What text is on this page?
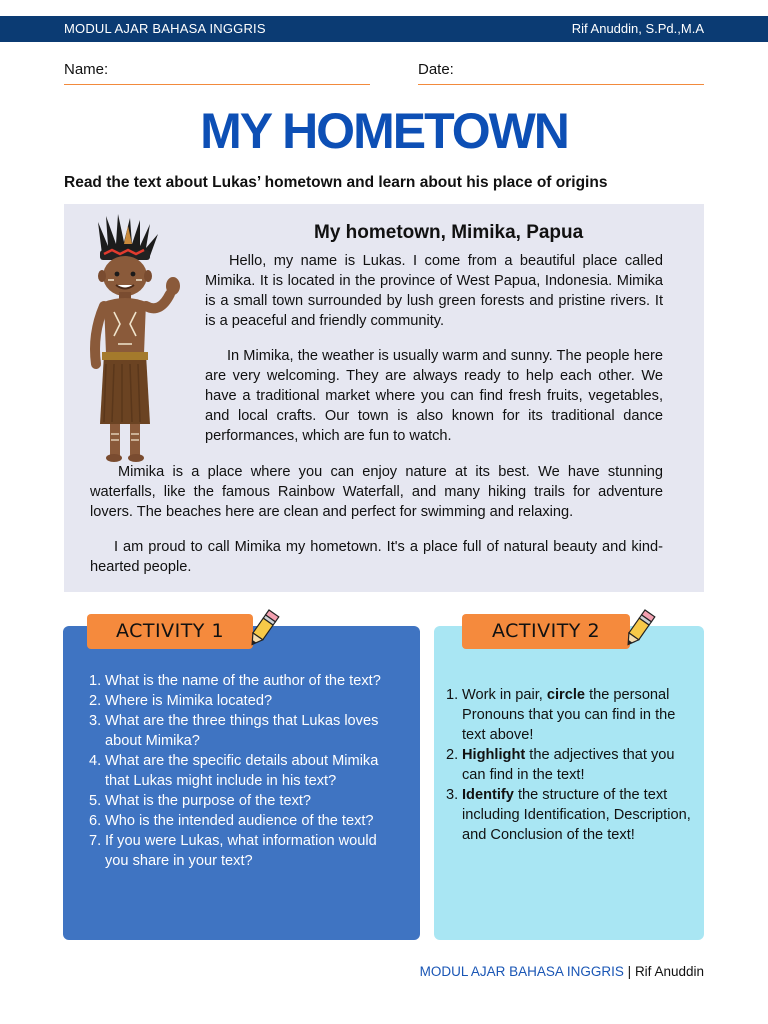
MODUL AJAR BAHASA INGGRIS	Rif Anuddin, S.Pd.,M.A
Name:	Date:
MY HOMETOWN
Read the text about Lukas’ hometown and learn about his place of origins
My hometown, Mimika, Papua

Hello, my name is Lukas. I come from a beautiful place called Mimika. It is located in the province of West Papua, Indonesia. Mimika is a small town surrounded by lush green forests and pristine rivers. It is a peaceful and friendly community.

In Mimika, the weather is usually warm and sunny. The people here are very welcoming. They are always ready to help each other. We have a traditional market where you can find fresh fruits, vegetables, and local crafts. Our town is also known for its traditional dance performances, which are fun to watch.

Mimika is a place where you can enjoy nature at its best. We have stunning waterfalls, like the famous Rainbow Waterfall, and many hiking trails for adventure lovers. The beaches here are clean and perfect for swimming and relaxing.

I am proud to call Mimika my hometown. It's a place full of natural beauty and kind-hearted people.

1. What is the name of the author of the text?
2. Where is Mimika located?
3. What are the three things that Lukas loves about Mimika?
4. What are the specific details about Mimika that Lukas might include in his text?
5. What is the purpose of the text?
6. Who is the intended audience of the text?
7. If you were Lukas, what information would you share in your text?
ACTIVITY 1
1. Work in pair, circle the personal Pronouns that you can find in the text above!
2. Highlight the adjectives that you can find in the text!
3. Identify the structure of the text including Identification, Description, and Conclusion of the text!
ACTIVITY 2
MODUL AJAR BAHASA INGGRIS | Rif Anuddin
